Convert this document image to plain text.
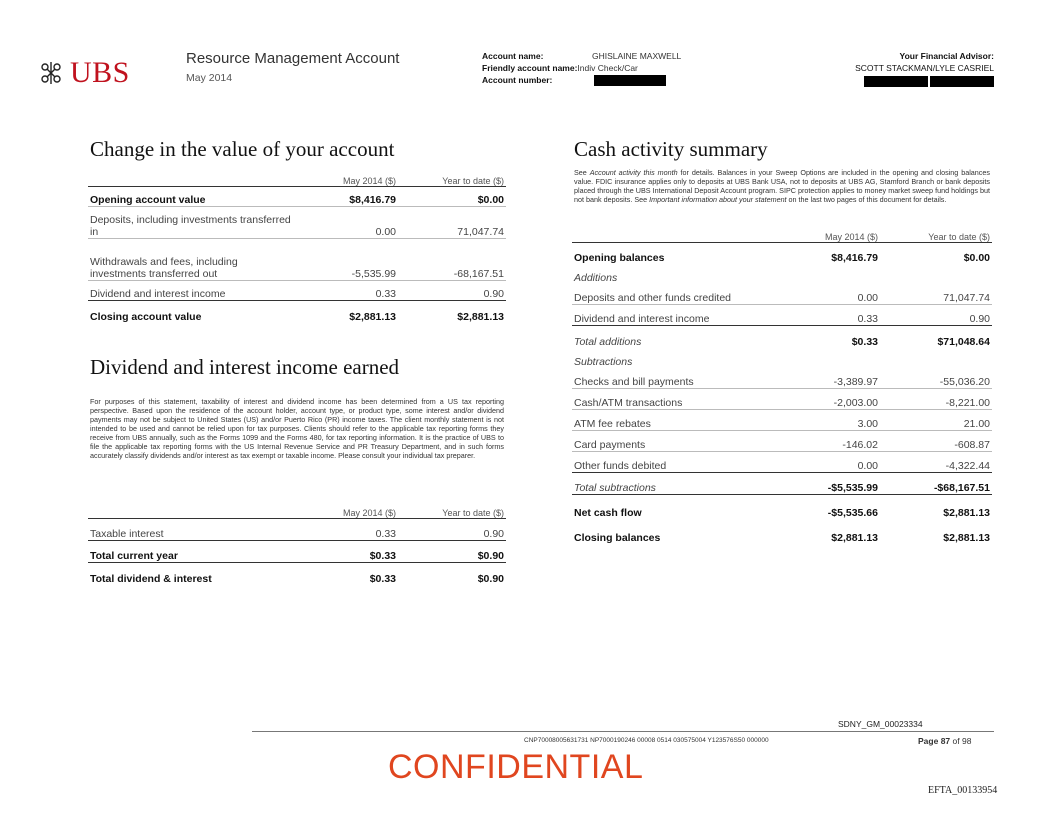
UBS	Resource Management Account
May 2014
Account name:	GHISLAINE MAXWELL
Friendly account name:Indiv Check/Car
Account number:
Your Financial Advisor:
SCOTT STACKMAN/LYLE CASRIEL
Change in the value of your account
	May 2014 ($)	Year to date ($)
Opening account value	$8,416.79	$0.00
Deposits, including investments transferred in	0.00	71,047.74
Withdrawals and fees, including investments transferred out	-5,535.99	-68,167.51
Dividend and interest income	0.33	0.90
Closing account value	$2,881.13	$2,881.13
Dividend and interest income earned
For purposes of this statement, taxability of interest and dividend income has been determined from a US tax reporting perspective. Based upon the residence of the account holder, account type, or product type, some interest and/or dividend payments may not be subject to United States (US) and/or Puerto Rico (PR) income taxes. The client monthly statement is not intended to be used and cannot be relied upon for tax purposes. Clients should refer to the applicable tax reporting forms they receive from UBS annually, such as the Forms 1099 and the Forms 480, for tax reporting information. It is the practice of UBS to file the applicable tax reporting forms with the US Internal Revenue Service and PR Treasury Department, and in such forms accurately classify dividends and/or interest as tax exempt or taxable income. Please consult your individual tax preparer.
	May 2014 ($)	Year to date ($)
Taxable interest	0.33	0.90
Total current year	$0.33	$0.90
Total dividend & interest	$0.33	$0.90
Cash activity summary
See Account activity this month for details. Balances in your Sweep Options are included in the opening and closing balances value. FDIC insurance applies only to deposits at UBS Bank USA, not to deposits at UBS AG, Stamford Branch or bank deposits placed through the UBS International Deposit Account program. SIPC protection applies to money market sweep fund holdings but not bank deposits. See Important information about your statement on the last two pages of this document for details.
	May 2014 ($)	Year to date ($)
Opening balances	$8,416.79	$0.00
Additions		
Deposits and other funds credited	0.00	71,047.74
Dividend and interest income	0.33	0.90
Total additions	$0.33	$71,048.64
Subtractions		
Checks and bill payments	-3,389.97	-55,036.20
Cash/ATM transactions	-2,003.00	-8,221.00
ATM fee rebates	3.00	21.00
Card payments	-146.02	-608.87
Other funds debited	0.00	-4,322.44
Total subtractions	-$5,535.99	-$68,167.51
Net cash flow	-$5,535.66	$2,881.13
Closing balances	$2,881.13	$2,881.13
SDNY_GM_00023334
CNP70008005631731 NP7000190246 00008 0514 030575004 Y123576S50 000000	Page 87 of 98
CONFIDENTIAL
EFTA_00133954
